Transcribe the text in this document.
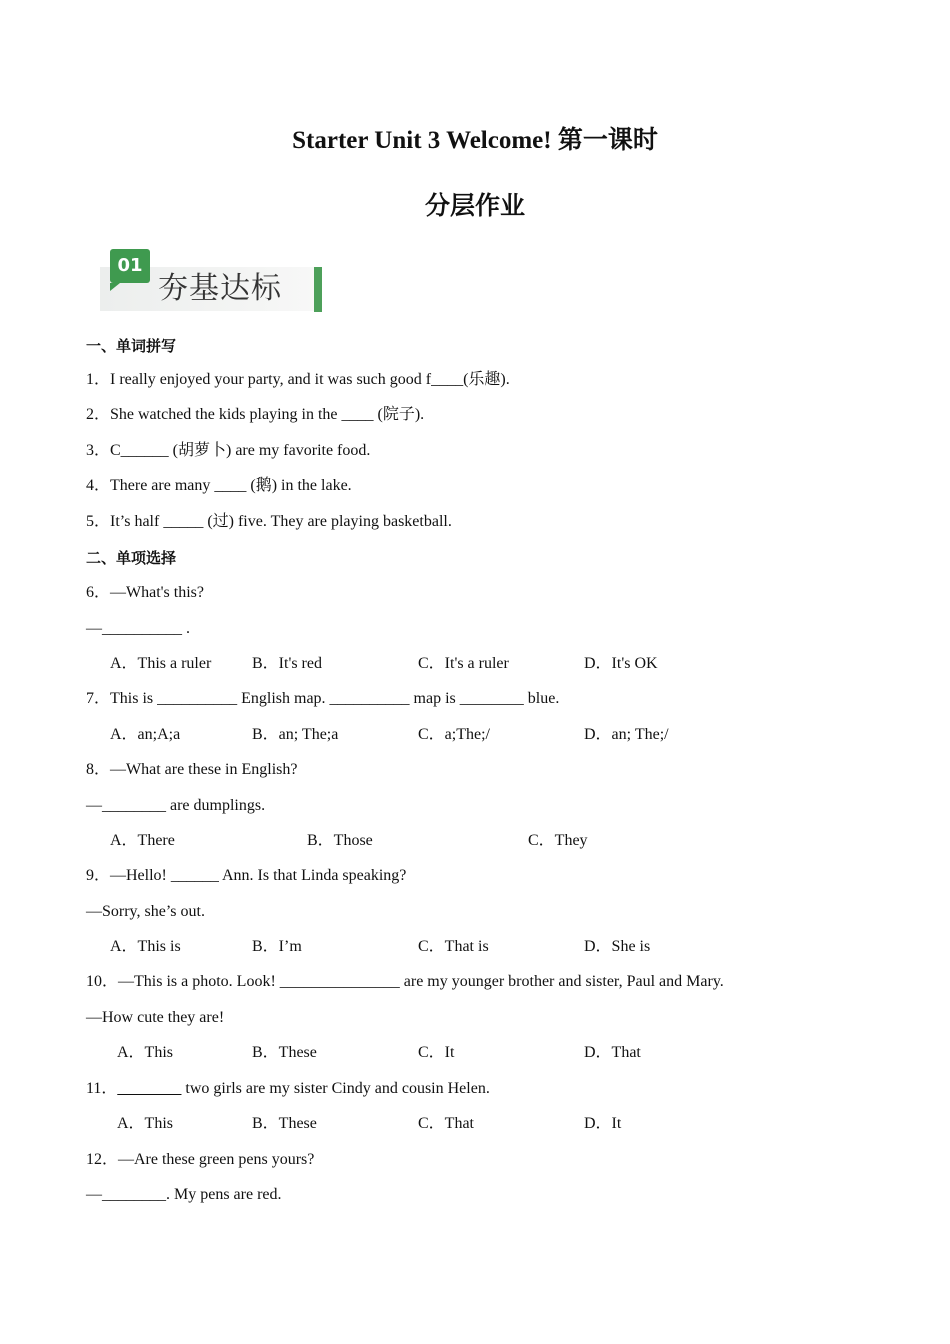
Starter Unit 3 Welcome! 第一课时
分层作业
01
夯基达标
一、单词拼写
1．I really enjoyed your party, and it was such good f____(乐趣).
2．She watched the kids playing in the ____ (院子).
3．C______ (胡萝卜) are my favorite food.
4．There are many ____ (鹅) in the lake.
5．It’s half _____ (过) five. They are playing basketball.
二、单项选择
6．—What's this?
—__________ .
A．This a ruler	B．It's red	C．It's a ruler	D．It's OK
7．This is __________ English map. __________ map is ________ blue.
A．an;A;a	B．an; The;a	C．a;The;/	D．an; The;/
8．—What are these in English?
—________ are dumplings.
A．There	B．Those	C．They
9．—Hello! ______ Ann. Is that Linda speaking?
—Sorry, she’s out.
A．This is	B．I’m	C．That is	D．She is
10．—This is a photo. Look! _______________ are my younger brother and sister, Paul and Mary.
—How cute they are!
A．This	B．These	C．It	D．That
11．________ two girls are my sister Cindy and cousin Helen.
A．This	B．These	C．That	D．It
12．—Are these green pens yours?
—________. My pens are red.
